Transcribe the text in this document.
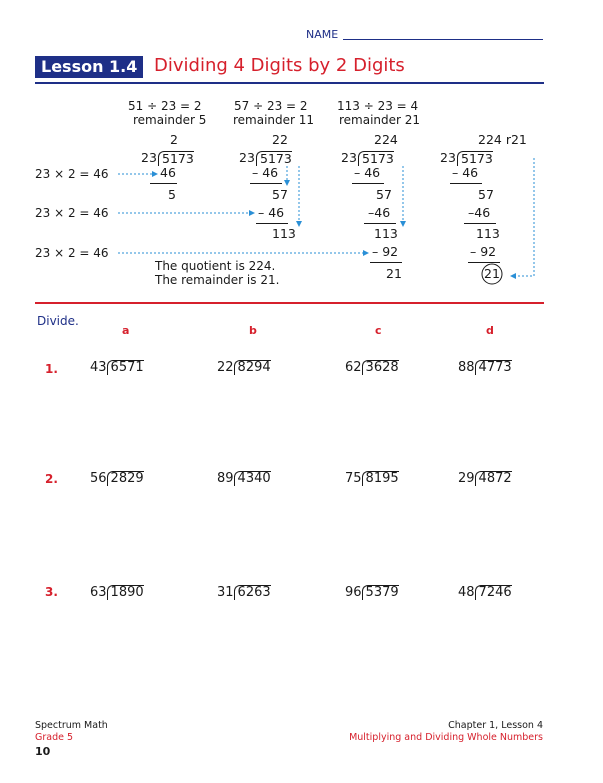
NAME
Lesson 1.4 Dividing 4 Digits by 2 Digits
51 ÷ 23 = 2
remainder 5
57 ÷ 23 = 2
remainder 11
113 ÷ 23 = 4
remainder 21
23 × 2 = 46
23 × 2 = 46
23 × 2 = 46
2
23 5173
46
5
22
23 5173
– 46
57
– 46
113
224
23 5173
– 46
57
–46
113
– 92
21
224 r21
23 5173
– 46
57
–46
113
– 92
21
The quotient is 224.
The remainder is 21.
Divide.
a	b	c	d
1. 43 6571	22 8294	62 3628	88 4773
2. 56 2829	89 4340	75 8195	29 4872
3. 63 1890	31 6263	96 5379	48 7246
Spectrum Math
Grade 5
10
Chapter 1, Lesson 4
Multiplying and Dividing Whole Numbers
